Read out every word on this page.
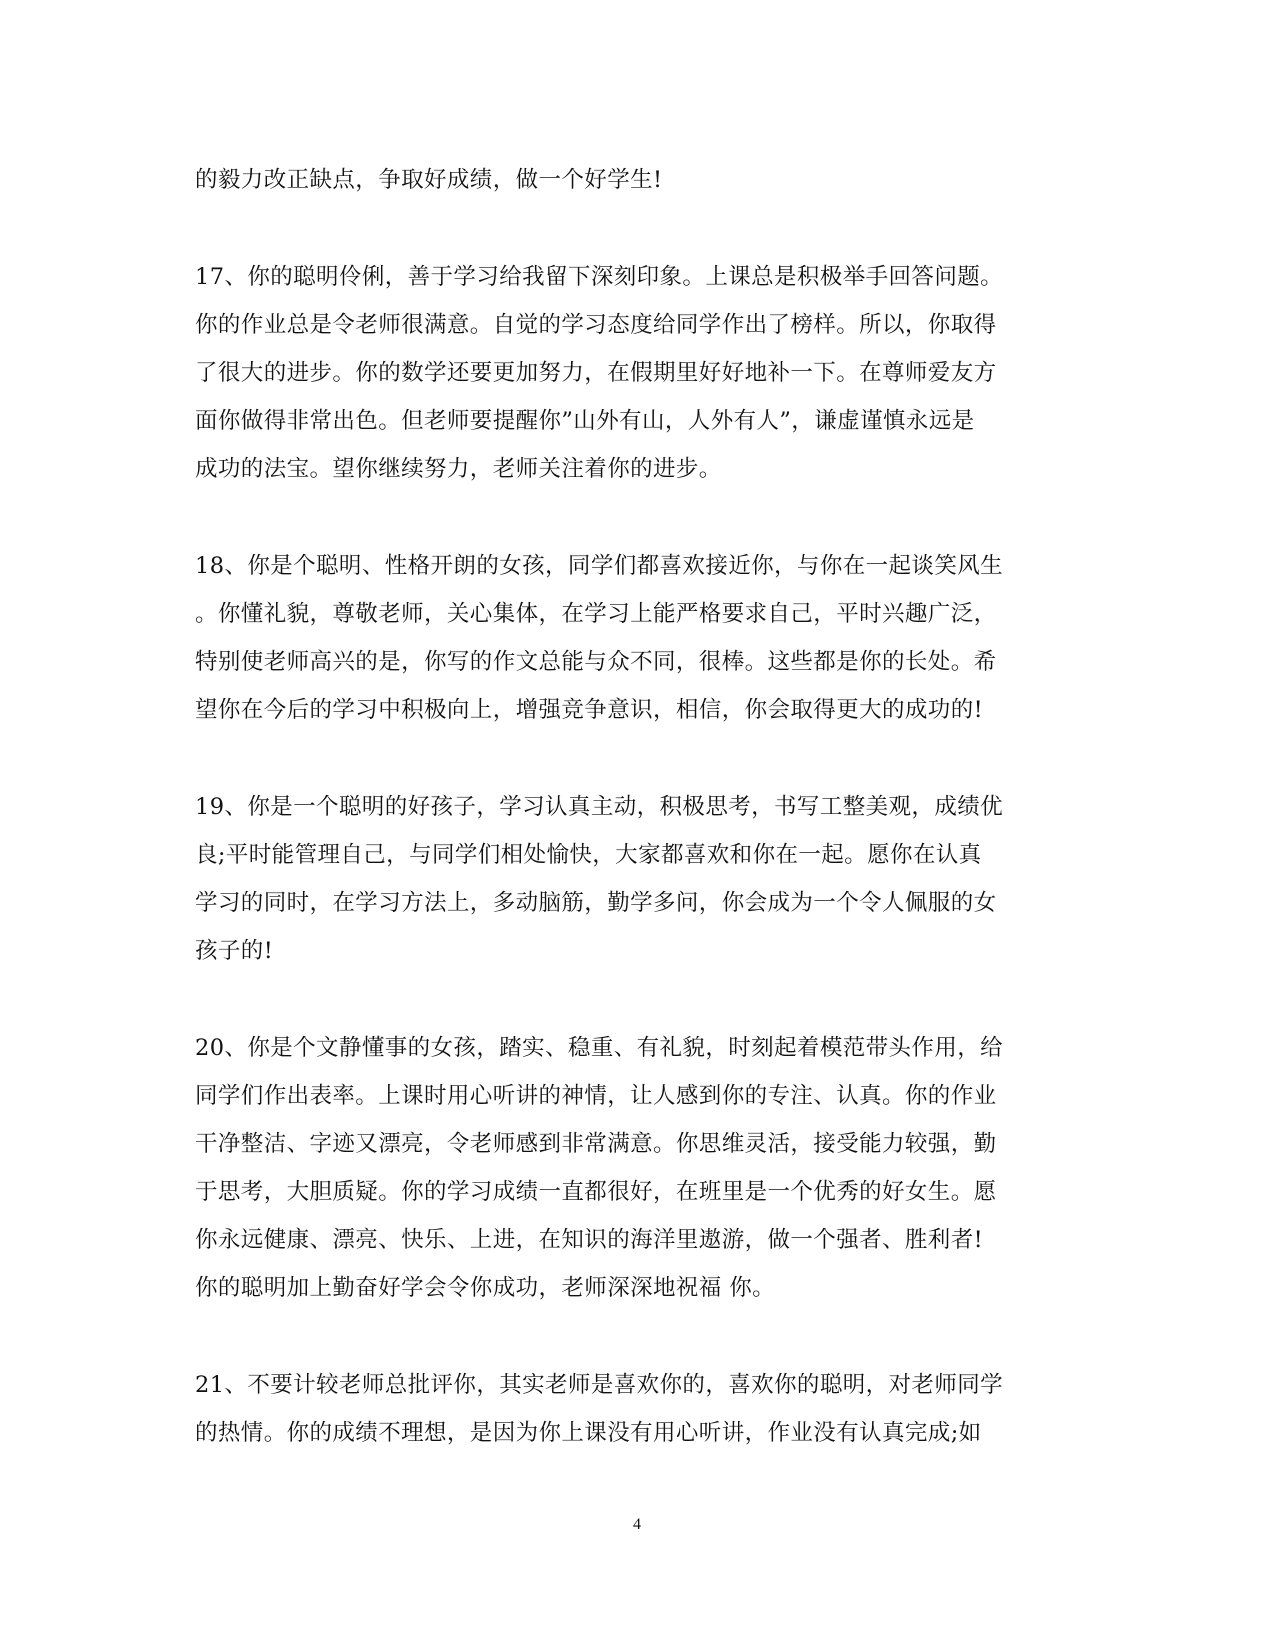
的毅力改正缺点，争取好成绩，做一个好学生!

17、你的聪明伶俐，善于学习给我留下深刻印象。上课总是积极举手回答问题。
你的作业总是令老师很满意。自觉的学习态度给同学作出了榜样。所以，你取得
了很大的进步。你的数学还要更加努力，在假期里好好地补一下。在尊师爱友方
面你做得非常出色。但老师要提醒你”山外有山，人外有人”，谦虚谨慎永远是
成功的法宝。望你继续努力，老师关注着你的进步。

18、你是个聪明、性格开朗的女孩，同学们都喜欢接近你，与你在一起谈笑风生
。你懂礼貌，尊敬老师，关心集体，在学习上能严格要求自己，平时兴趣广泛，
特别使老师高兴的是，你写的作文总能与众不同，很棒。这些都是你的长处。希
望你在今后的学习中积极向上，增强竞争意识，相信，你会取得更大的成功的!

19、你是一个聪明的好孩子，学习认真主动，积极思考，书写工整美观，成绩优
良;平时能管理自己，与同学们相处愉快，大家都喜欢和你在一起。愿你在认真
学习的同时，在学习方法上，多动脑筋，勤学多问，你会成为一个令人佩服的女
孩子的!

20、你是个文静懂事的女孩，踏实、稳重、有礼貌，时刻起着模范带头作用，给
同学们作出表率。上课时用心听讲的神情，让人感到你的专注、认真。你的作业
干净整洁、字迹又漂亮，令老师感到非常满意。你思维灵活，接受能力较强，勤
于思考，大胆质疑。你的学习成绩一直都很好，在班里是一个优秀的好女生。愿
你永远健康、漂亮、快乐、上进，在知识的海洋里遨游，做一个强者、胜利者!
你的聪明加上勤奋好学会令你成功，老师深深地祝福 你。

21、不要计较老师总批评你，其实老师是喜欢你的，喜欢你的聪明，对老师同学
的热情。你的成绩不理想，是因为你上课没有用心听讲，作业没有认真完成;如

4
